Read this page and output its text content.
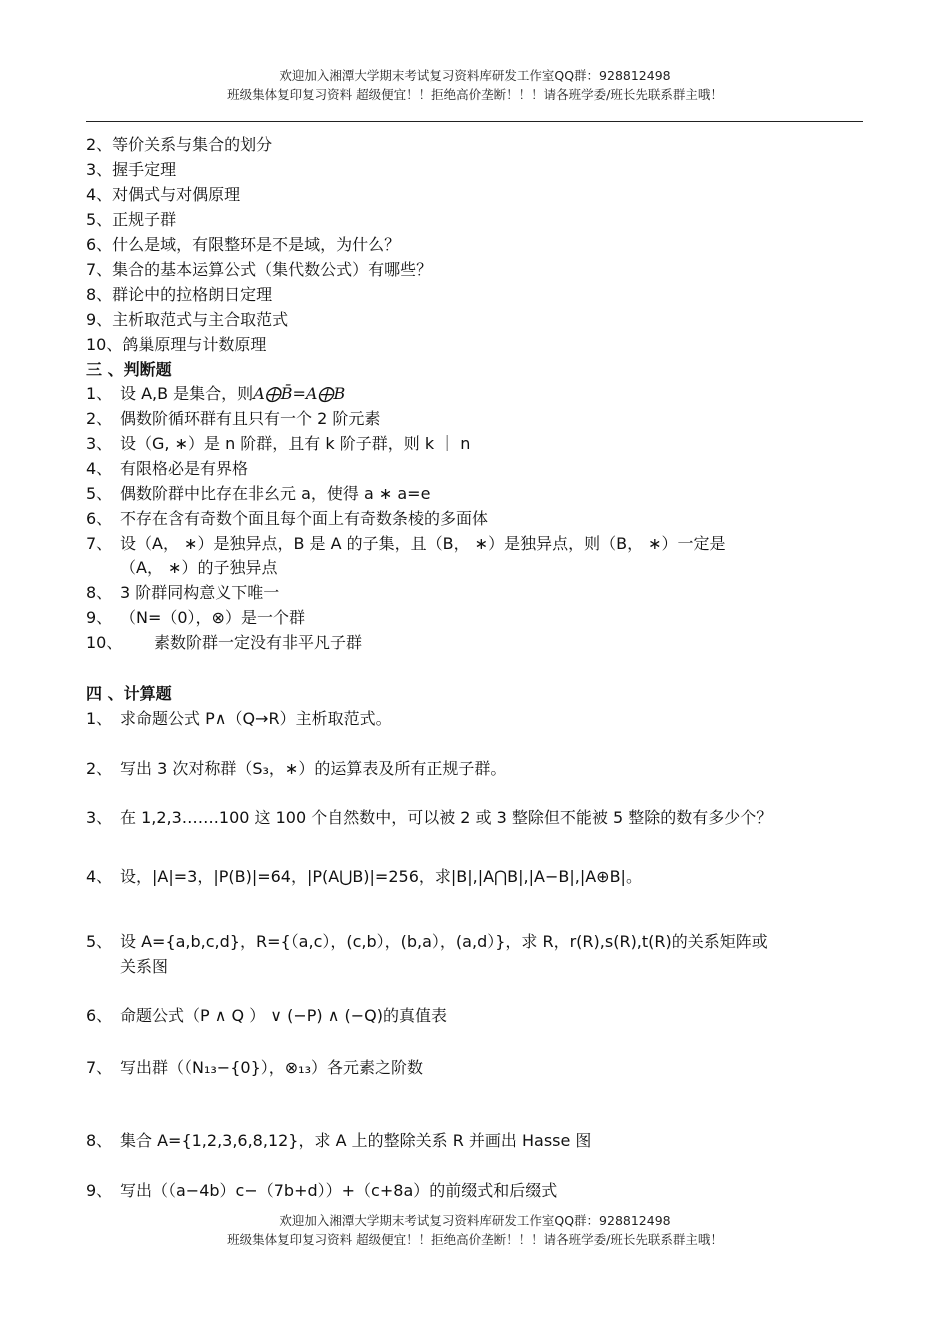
欢迎加入湘潭大学期末考试复习资料库研发工作室QQ群：928812498
班级集体复印复习资料 超级便宜！！拒绝高价垄断！！！请各班学委/班长先联系群主哦！
2、等价关系与集合的划分
3、握手定理
4、对偶式与对偶原理
5、正规子群
6、什么是域，有限整环是不是域，为什么？
7、集合的基本运算公式（集代数公式）有哪些？
8、群论中的拉格朗日定理
9、主析取范式与主合取范式
10、鸽巢原理与计数原理
三 、判断题
1、 设 A,B 是集合，则A⨁B̄=A⨁B
2、 偶数阶循环群有且只有一个 2 阶元素
3、 设（G, ∗）是 n 阶群，且有 k 阶子群，则 k ｜ n
4、 有限格必是有界格
5、 偶数阶群中比存在非幺元 a，使得 a ∗ a=e
6、 不存在含有奇数个面且每个面上有奇数条棱的多面体
7、 设（A， ∗）是独异点，B 是 A 的子集，且（B， ∗）是独异点，则（B， ∗）一定是
（A， ∗）的子独异点
8、 3 阶群同构意义下唯一
9、 （N=（0），⊗）是一个群
10、 素数阶群一定没有非平凡子群
四 、计算题
1、 求命题公式 P∧（Q→R）主析取范式。
2、 写出 3 次对称群（S₃，∗）的运算表及所有正规子群。
3、 在 1,2,3…….100 这 100 个自然数中，可以被 2 或 3 整除但不能被 5 整除的数有多少个？
4、 设，|A|=3，|P(B)|=64，|P(A⋃B)|=256，求|B|,|A⋂B|,|A−B|,|A⊕B|。
5、 设 A={a,b,c,d}，R={（a,c），(c,b），(b,a），(a,d）}，求 R，r(R),s(R),t(R)的关系矩阵或
关系图
6、 命题公式（P ∧ Q ） ∨ (−P) ∧ (−Q)的真值表
7、 写出群（（N₁₃−{0}），⊗₁₃）各元素之阶数
8、 集合 A={1,2,3,6,8,12}，求 A 上的整除关系 R 并画出 Hasse 图
9、 写出（（a−4b）c−（7b+d））+（c+8a）的前缀式和后缀式
欢迎加入湘潭大学期末考试复习资料库研发工作室QQ群：928812498
班级集体复印复习资料 超级便宜！！拒绝高价垄断！！！请各班学委/班长先联系群主哦！
